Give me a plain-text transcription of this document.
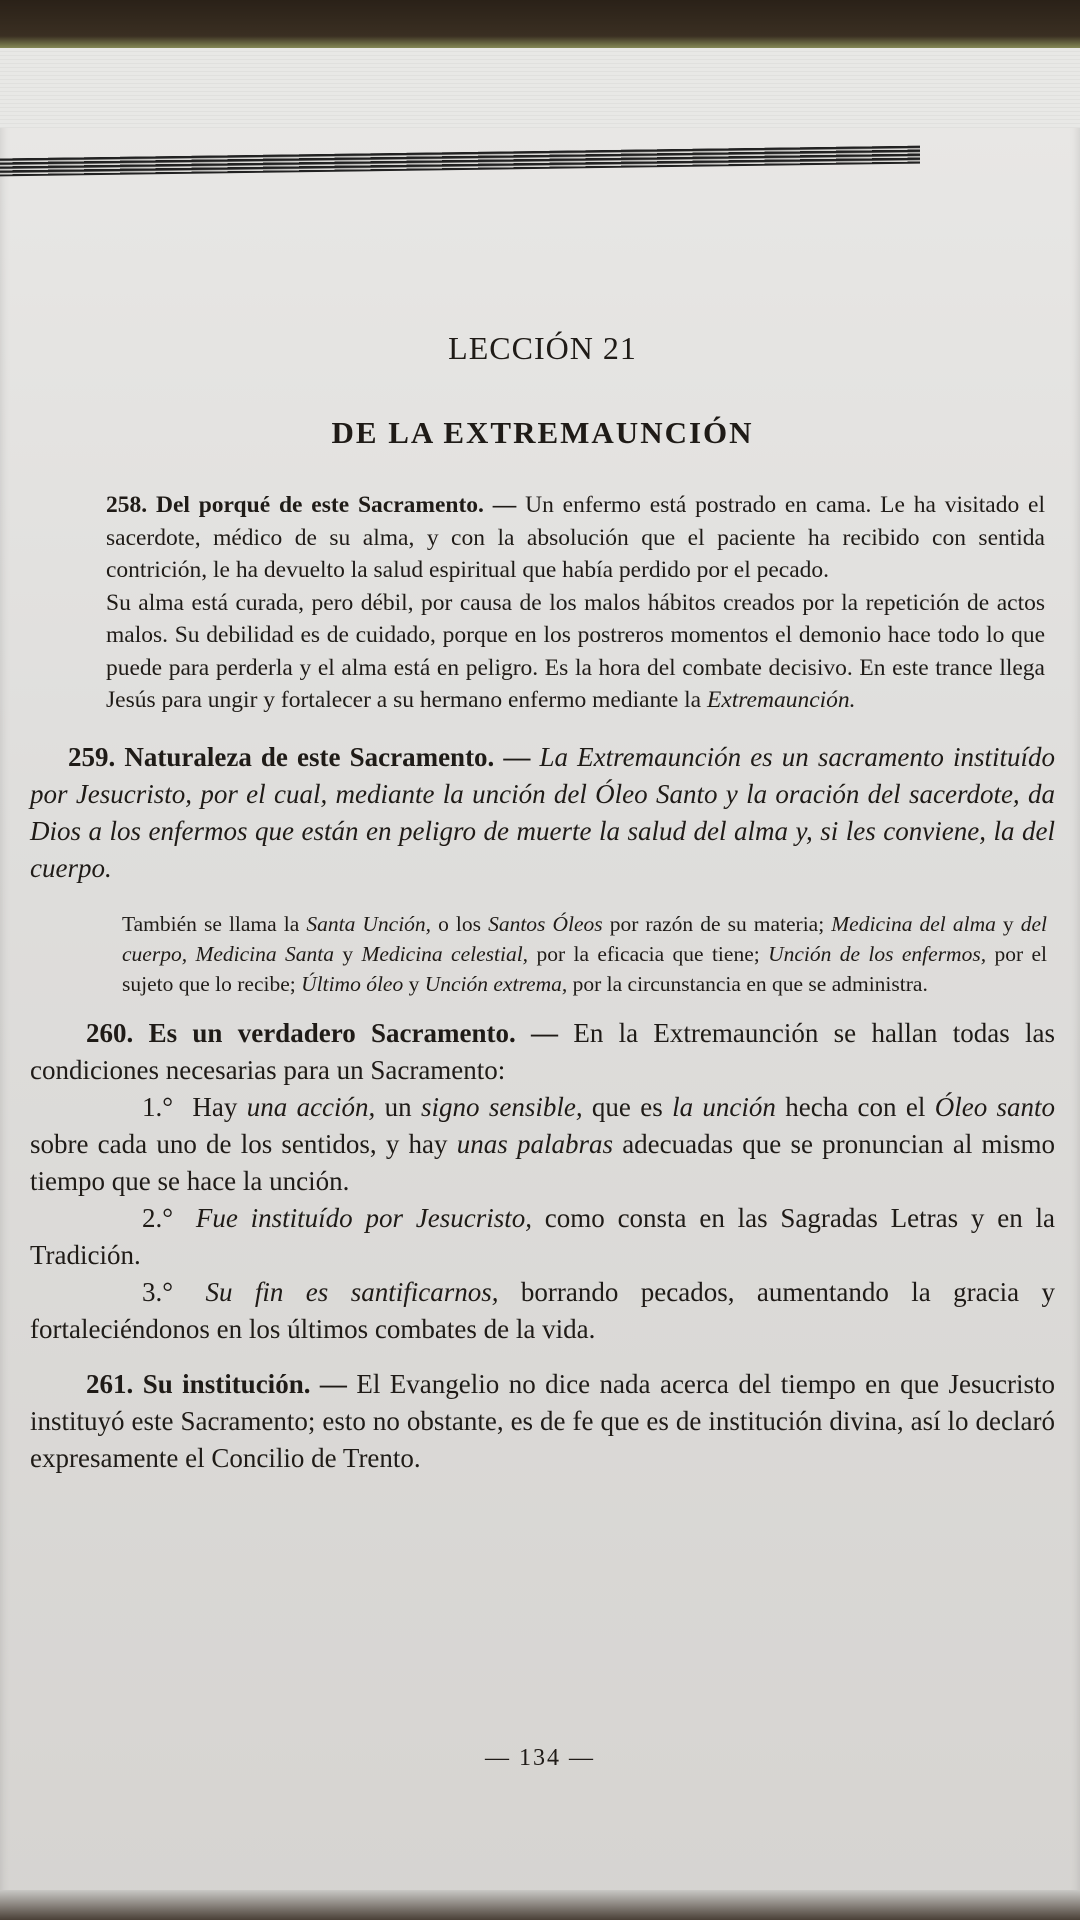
LECCIÓN 21
DE LA EXTREMAUNCIÓN

258. Del porqué de este Sacramento. — Un enfermo está postrado en cama. Le ha visitado el sacerdote, médico de su alma, y con la absolución que el paciente ha recibido con sentida contrición, le ha devuelto la salud espiritual que había perdido por el pecado.

Su alma está curada, pero débil, por causa de los malos hábitos creados por la repetición de actos malos. Su debilidad es de cuidado, porque en los postreros momentos el demonio hace todo lo que puede para perderla y el alma está en peligro. Es la hora del combate decisivo. En este trance llega Jesús para ungir y fortalecer a su hermano enfermo mediante la Extremaunción.

259. Naturaleza de este Sacramento. — La Extremaunción es un sacramento instituído por Jesucristo, por el cual, mediante la unción del Óleo Santo y la oración del sacerdote, da Dios a los enfermos que están en peligro de muerte la salud del alma y, si les conviene, la del cuerpo.

También se llama la Santa Unción, o los Santos Óleos por razón de su materia; Medicina del alma y del cuerpo, Medicina Santa y Medicina celestial, por la eficacia que tiene; Unción de los enfermos, por el sujeto que lo recibe; Último óleo y Unción extrema, por la circunstancia en que se administra.

260. Es un verdadero Sacramento. — En la Extremaunción se hallan todas las condiciones necesarias para un Sacramento:

1.° Hay una acción, un signo sensible, que es la unción hecha con el Óleo santo sobre cada uno de los sentidos, y hay unas palabras adecuadas que se pronuncian al mismo tiempo que se hace la unción.

2.° Fue instituído por Jesucristo, como consta en las Sagradas Letras y en la Tradición.

3.° Su fin es santificarnos, borrando pecados, aumentando la gracia y fortaleciéndonos en los últimos combates de la vida.

261. Su institución. — El Evangelio no dice nada acerca del tiempo en que Jesucristo instituyó este Sacramento; esto no obstante, es de fe que es de institución divina, así lo declaró expresamente el Concilio de Trento.

— 134 —
